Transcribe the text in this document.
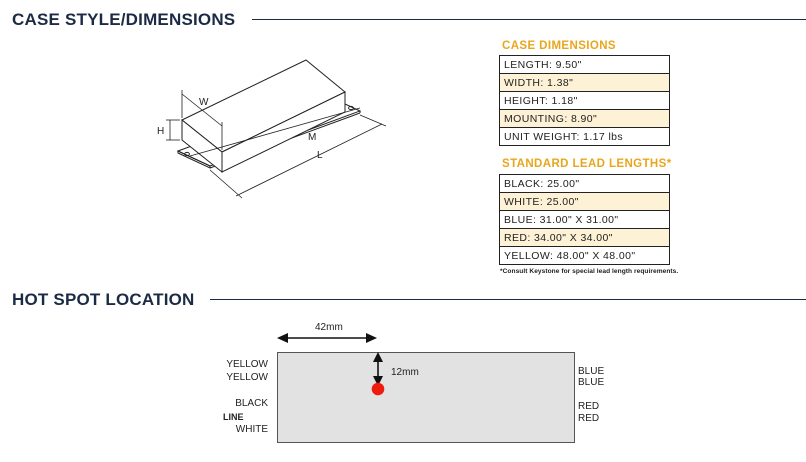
CASE STYLE/DIMENSIONS
W
H
M
L
CASE DIMENSIONS
LENGTH: 9.50"
WIDTH: 1.38"
HEIGHT: 1.18"
MOUNTING: 8.90"
UNIT WEIGHT: 1.17 lbs
STANDARD LEAD LENGTHS*
BLACK: 25.00"
WHITE: 25.00"
BLUE: 31.00" X 31.00"
RED: 34.00" X 34.00"
YELLOW: 48.00" X 48.00"
*Consult Keystone for special lead length requirements.
HOT SPOT LOCATION
42mm
12mm
YELLOW
YELLOW
BLACK
LINE
WHITE
BLUE
BLUE
RED
RED
